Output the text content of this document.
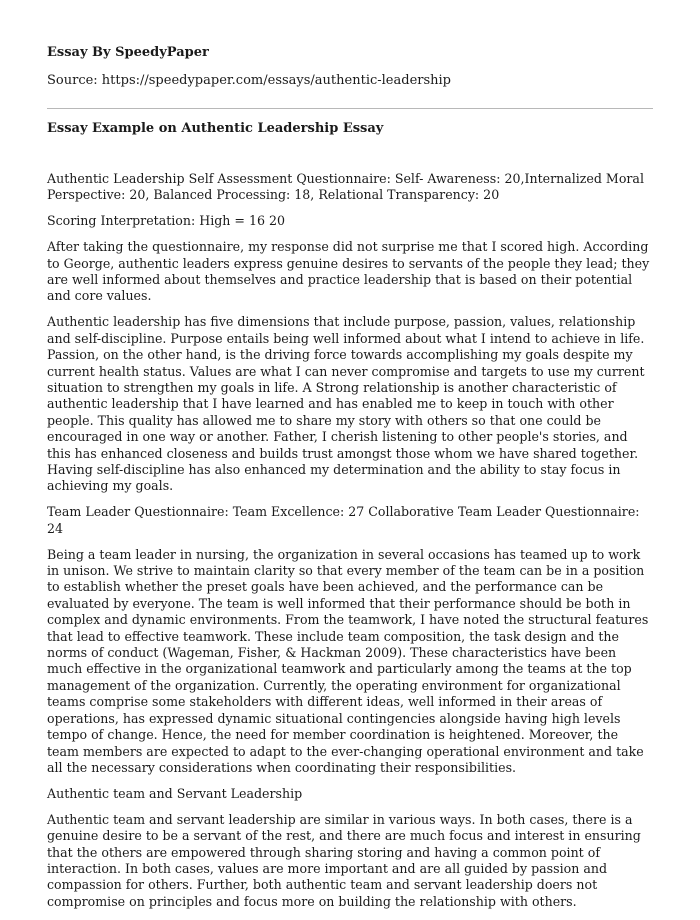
Essay By SpeedyPaper
Source: https://speedypaper.com/essays/authentic-leadership
Essay Example on Authentic Leadership Essay

Authentic Leadership Self Assessment Questionnaire: Self- Awareness: 20,Internalized Moral Perspective: 20, Balanced Processing: 18, Relational Transparency: 20

Scoring Interpretation: High = 16 20

After taking the questionnaire, my response did not surprise me that I scored high. According to George, authentic leaders express genuine desires to servants of the people they lead; they are well informed about themselves and practice leadership that is based on their potential and core values.

Authentic leadership has five dimensions that include purpose, passion, values, relationship and self-discipline. Purpose entails being well informed about what I intend to achieve in life. Passion, on the other hand, is the driving force towards accomplishing my goals despite my current health status. Values are what I can never compromise and targets to use my current situation to strengthen my goals in life. A Strong relationship is another characteristic of authentic leadership that I have learned and has enabled me to keep in touch with other people. This quality has allowed me to share my story with others so that one could be encouraged in one way or another. Father, I cherish listening to other people's stories, and this has enhanced closeness and builds trust amongst those whom we have shared together. Having self-discipline has also enhanced my determination and the ability to stay focus in achieving my goals.

Team Leader Questionnaire: Team Excellence: 27 Collaborative Team Leader Questionnaire: 24

Being a team leader in nursing, the organization in several occasions has teamed up to work in unison. We strive to maintain clarity so that every member of the team can be in a position to establish whether the preset goals have been achieved, and the performance can be evaluated by everyone. The team is well informed that their performance should be both in complex and dynamic environments. From the teamwork, I have noted the structural features that lead to effective teamwork. These include team composition, the task design and the norms of conduct (Wageman, Fisher, & Hackman 2009). These characteristics have been much effective in the organizational teamwork and particularly among the teams at the top management of the organization. Currently, the operating environment for organizational teams comprise some stakeholders with different ideas, well informed in their areas of operations, has expressed dynamic situational contingencies alongside having high levels tempo of change. Hence, the need for member coordination is heightened. Moreover, the team members are expected to adapt to the ever-changing operational environment and take all the necessary considerations when coordinating their responsibilities.

Authentic team and Servant Leadership

Authentic team and servant leadership are similar in various ways. In both cases, there is a genuine desire to be a servant of the rest, and there are much focus and interest in ensuring that the others are empowered through sharing storing and having a common point of interaction. In both cases, values are more important and are all guided by passion and compassion for others. Further, both authentic team and servant leadership doers not compromise on principles and focus more on building the relationship with others.
